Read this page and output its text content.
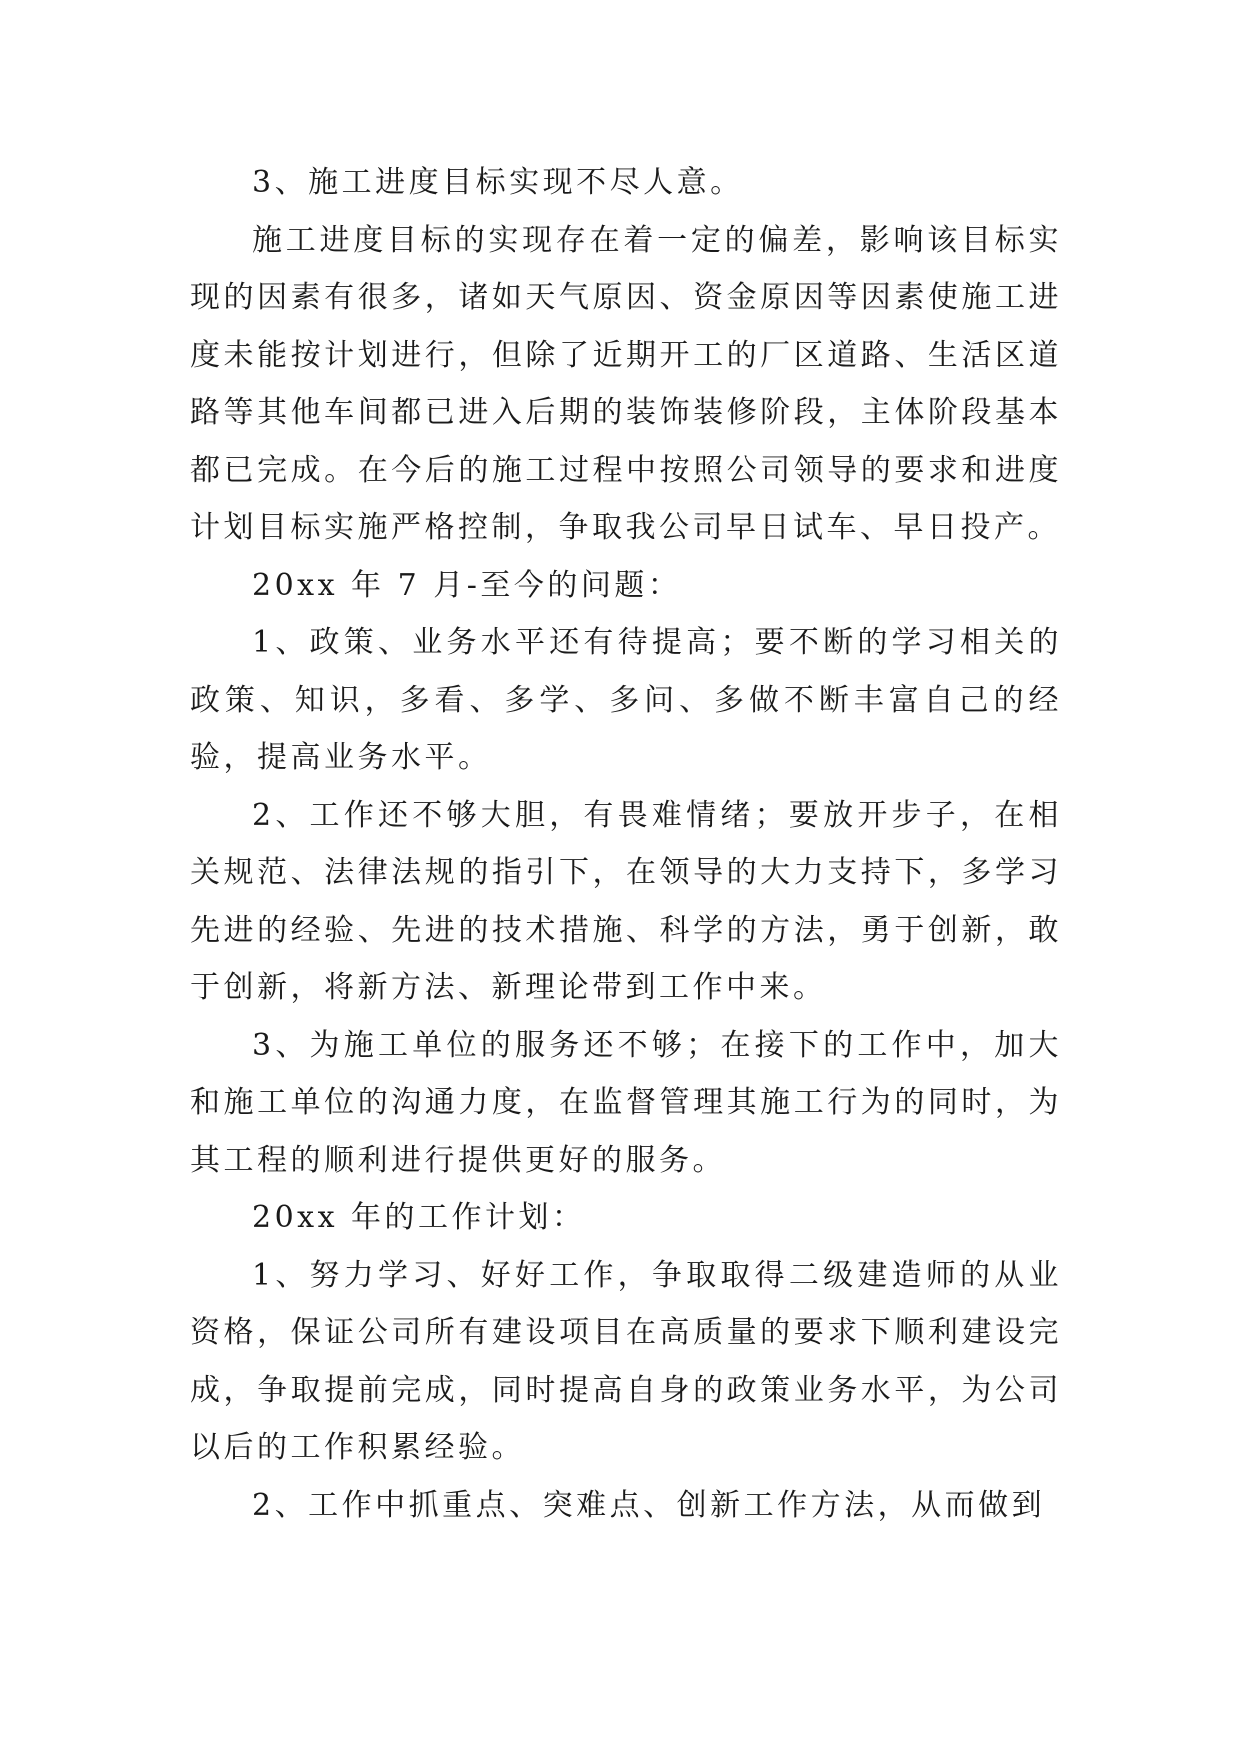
3、施工进度目标实现不尽人意。

施工进度目标的实现存在着一定的偏差，影响该目标实现的因素有很多，诸如天气原因、资金原因等因素使施工进度未能按计划进行，但除了近期开工的厂区道路、生活区道路等其他车间都已进入后期的装饰装修阶段，主体阶段基本都已完成。在今后的施工过程中按照公司领导的要求和进度计划目标实施严格控制，争取我公司早日试车、早日投产。

20xx 年 7 月-至今的问题：

1、政策、业务水平还有待提高；要不断的学习相关的政策、知识，多看、多学、多问、多做不断丰富自己的经验，提高业务水平。

2、工作还不够大胆，有畏难情绪；要放开步子，在相关规范、法律法规的指引下，在领导的大力支持下，多学习先进的经验、先进的技术措施、科学的方法，勇于创新，敢于创新，将新方法、新理论带到工作中来。

3、为施工单位的服务还不够；在接下的工作中，加大和施工单位的沟通力度，在监督管理其施工行为的同时，为其工程的顺利进行提供更好的服务。

20xx 年的工作计划：

1、努力学习、好好工作，争取取得二级建造师的从业资格，保证公司所有建设项目在高质量的要求下顺利建设完成，争取提前完成，同时提高自身的政策业务水平，为公司以后的工作积累经验。

2、工作中抓重点、突难点、创新工作方法，从而做到
